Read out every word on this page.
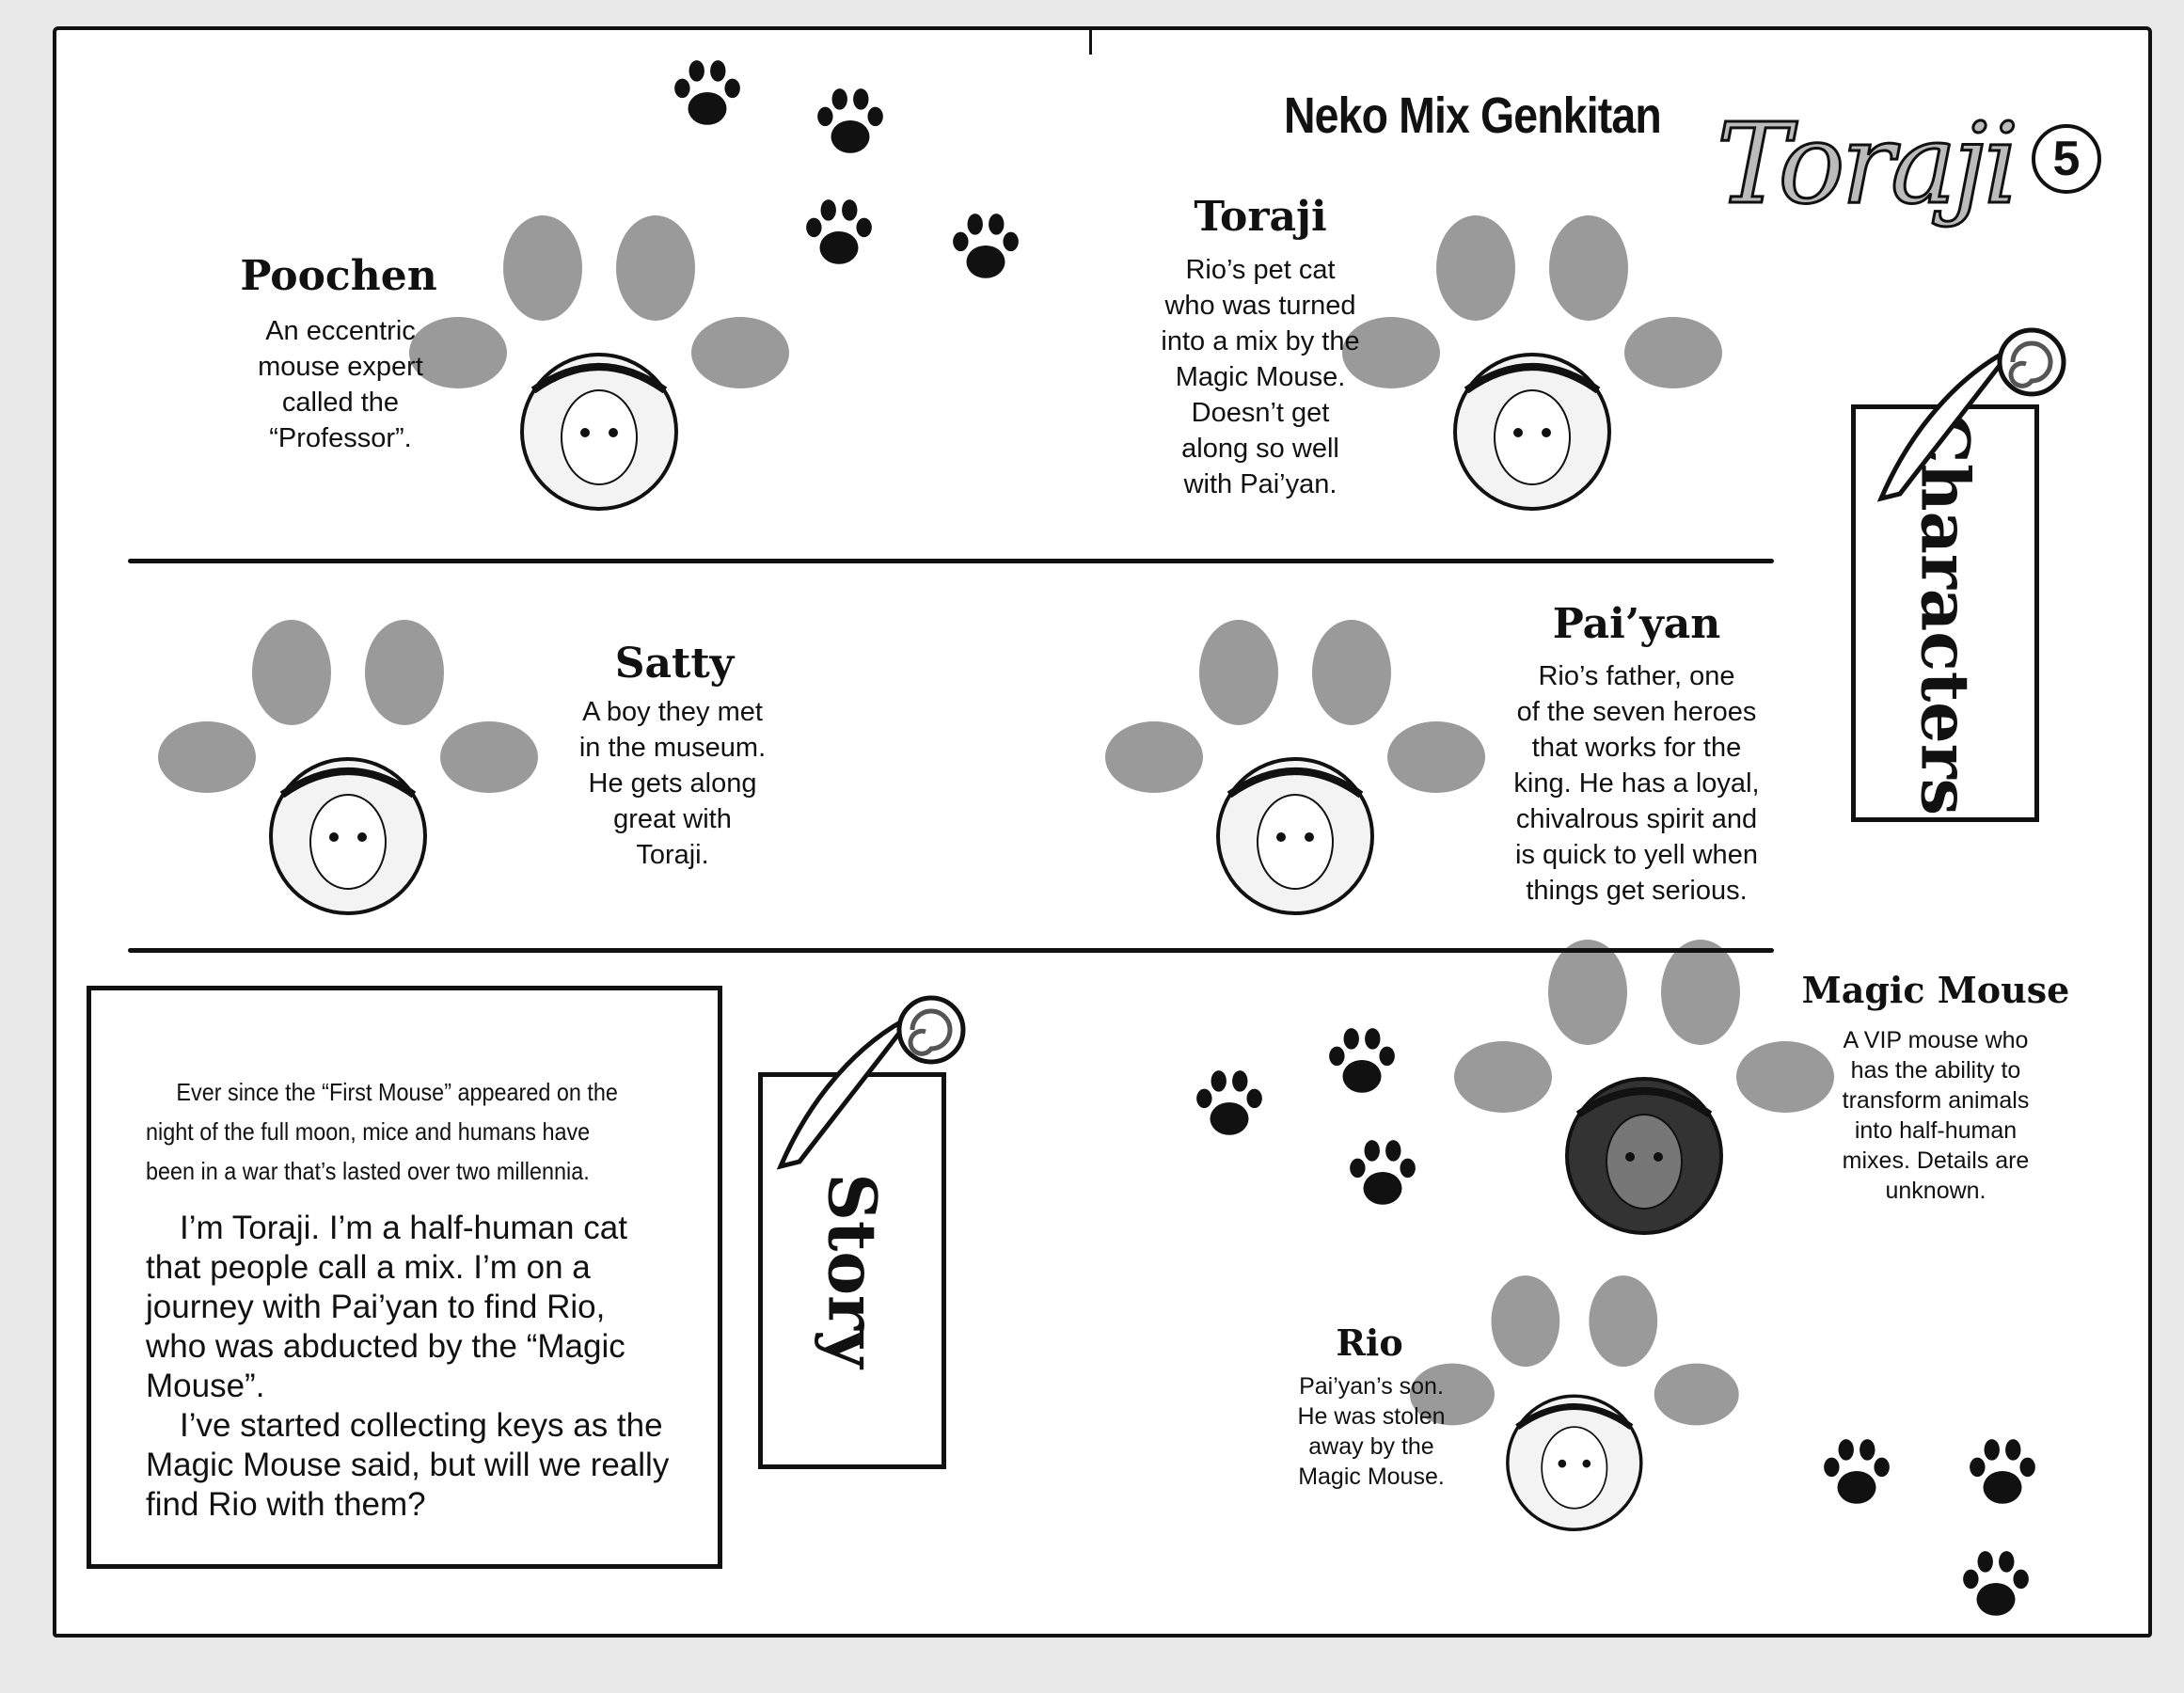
Neko Mix Genkitan Toraji 5
Poochen
An eccentric
mouse expert
called the
“Professor”.
Toraji
Rio’s pet cat
who was turned
into a mix by the
Magic Mouse.
Doesn’t get
along so well
with Pai’yan.
Satty
A boy they met
in the museum.
He gets along
great with
Toraji.
Pai’yan
Rio’s father, one
of the seven heroes
that works for the
king. He has a loyal,
chivalrous spirit and
is quick to yell when
things get serious.
Magic Mouse
A VIP mouse who
has the ability to
transform animals
into half-human
mixes. Details are
unknown.
Rio
Pai’yan’s son.
He was stolen
away by the
Magic Mouse.
Characters
Ever since the “First Mouse” appeared on the night of the full moon, mice and humans have been in a war that’s lasted over two millennia.
I’m Toraji. I’m a half-human cat that people call a mix. I’m on a journey with Pai’yan to find Rio, who was abducted by the “Magic Mouse”.
I’ve started collecting keys as the Magic Mouse said, but will we really find Rio with them?
Story
